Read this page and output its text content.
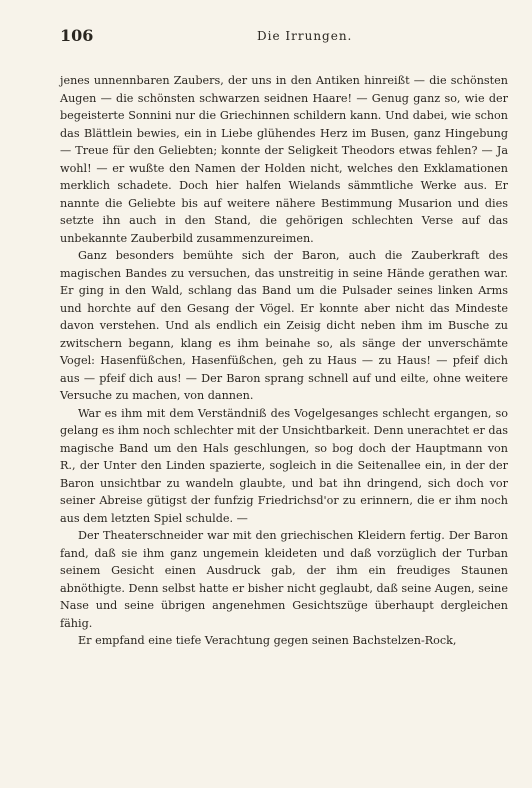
106	Die Irrungen.

jenes unnennbaren Zaubers, der uns in den Antiken hinreißt — die schönsten Augen — die schönsten schwarzen seidnen Haare! — Genug ganz so, wie der begeisterte Sonnini nur die Griechinnen schildern kann. Und dabei, wie schon das Blättlein bewies, ein in Liebe glühendes Herz im Busen, ganz Hingebung — Treue für den Geliebten; konnte der Seligkeit Theodors etwas fehlen? — Ja wohl! — er wußte den Namen der Holden nicht, welches den Exklamationen merklich schadete. Doch hier halfen Wielands sämmtliche Werke aus. Er nannte die Geliebte bis auf weitere nähere Bestimmung Musarion und dies setzte ihn auch in den Stand, die gehörigen schlechten Verse auf das unbekannte Zauberbild zusammenzureimen.

Ganz besonders bemühte sich der Baron, auch die Zauberkraft des magischen Bandes zu versuchen, das unstreitig in seine Hände gerathen war. Er ging in den Wald, schlang das Band um die Pulsader seines linken Arms und horchte auf den Gesang der Vögel. Er konnte aber nicht das Mindeste davon verstehen. Und als endlich ein Zeisig dicht neben ihm im Busche zu zwitschern begann, klang es ihm beinahe so, als sänge der unverschämte Vogel: Hasenfüßchen, Hasenfüßchen, geh zu Haus — zu Haus! — pfeif dich aus — pfeif dich aus! — Der Baron sprang schnell auf und eilte, ohne weitere Versuche zu machen, von dannen.

War es ihm mit dem Verständniß des Vogelgesanges schlecht ergangen, so gelang es ihm noch schlechter mit der Unsichtbarkeit. Denn unerachtet er das magische Band um den Hals geschlungen, so bog doch der Hauptmann von R., der Unter den Linden spazierte, sogleich in die Seitenallee ein, in der der Baron unsichtbar zu wandeln glaubte, und bat ihn dringend, sich doch vor seiner Abreise gütigst der funfzig Friedrichsd'or zu erinnern, die er ihm noch aus dem letzten Spiel schulde. —

Der Theaterschneider war mit den griechischen Kleidern fertig. Der Baron fand, daß sie ihm ganz ungemein kleideten und daß vorzüglich der Turban seinem Gesicht einen Ausdruck gab, der ihm ein freudiges Staunen abnöthigte. Denn selbst hatte er bisher nicht geglaubt, daß seine Augen, seine Nase und seine übrigen angenehmen Gesichtszüge überhaupt dergleichen fähig.

Er empfand eine tiefe Verachtung gegen seinen Bachstelzen-Rock,
